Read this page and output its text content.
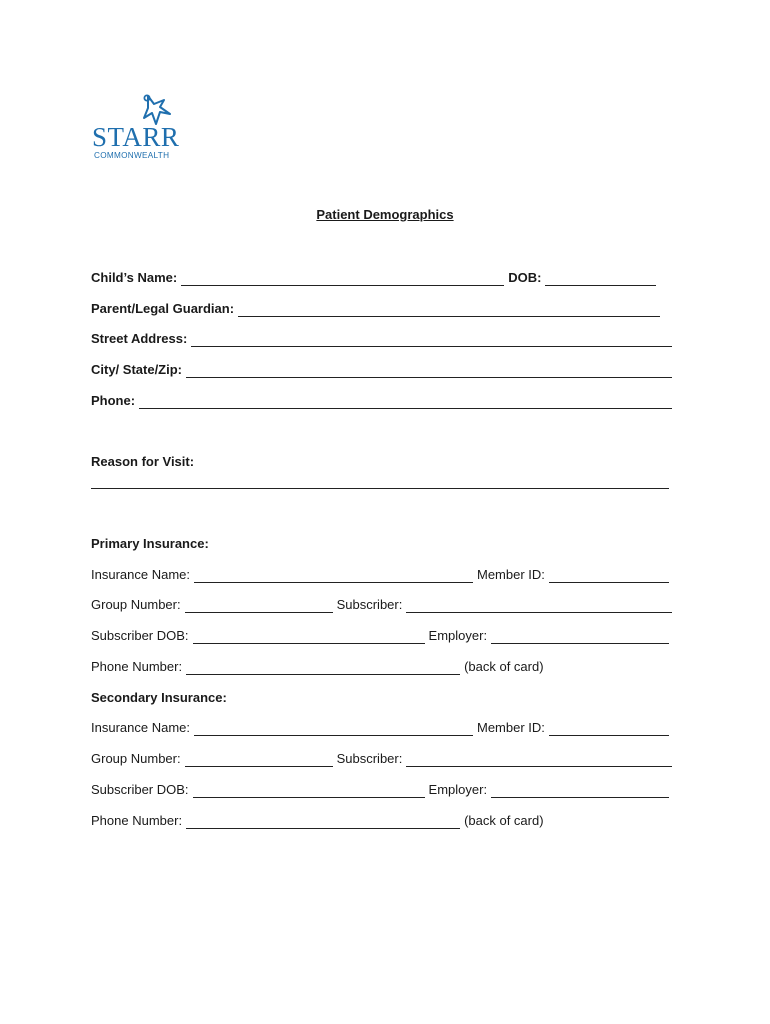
STARR
COMMONWEALTH
Patient Demographics
Child’s Name:	DOB:
Parent/Legal Guardian:
Street Address:
City/ State/Zip:
Phone:
Reason for Visit:
Primary Insurance:
Insurance Name:	Member ID:
Group Number:	Subscriber:
Subscriber DOB:	Employer:
Phone Number:	(back of card)
Secondary Insurance:
Insurance Name:	Member ID:
Group Number:	Subscriber:
Subscriber DOB:	Employer:
Phone Number:	(back of card)
